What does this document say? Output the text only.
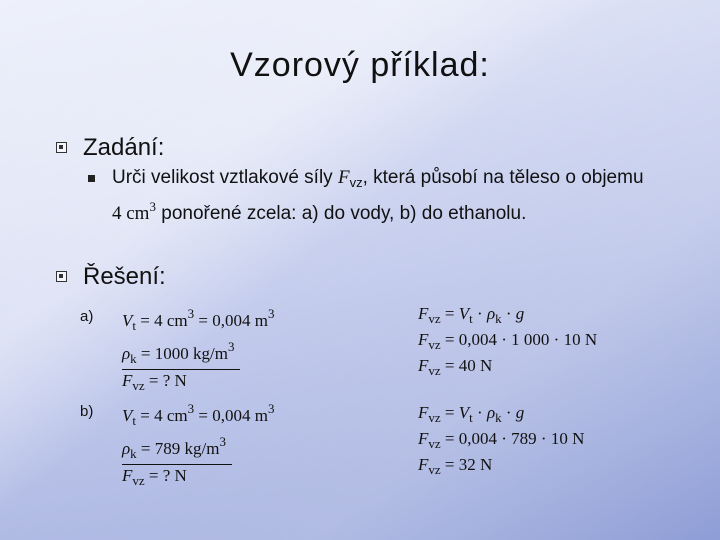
Vzorový příklad:
Zadání:
Urči velikost vztlakové síly $F_{vz}$, která působí na těleso o objemu
4 $cm^3$ ponořené zcela: a) do vody, b) do ethanolu.
Řešení:
a) $V_t = 4$ $cm^3 = 0,004$ $m^3$
$\rho_k = 1000$ $kg/m^3$
$F_{vz}$ = ? N
$F_{vz} = V_t \cdot \rho_k \cdot g$
$F_{vz} = 0,004 \cdot 1$ 000 · 10 N
$F_{vz} = 40$ N
b) $V_t = 4$ $cm^3 = 0,004$ $m^3$
$\rho_k = 789$ $kg/m^3$
$F_{vz}$ = ? N
$F_{vz} = V_t \cdot \rho_k \cdot g$
$F_{vz} = 0,004 \cdot 789 \cdot 10$ N
$F_{vz} = 32$ N
